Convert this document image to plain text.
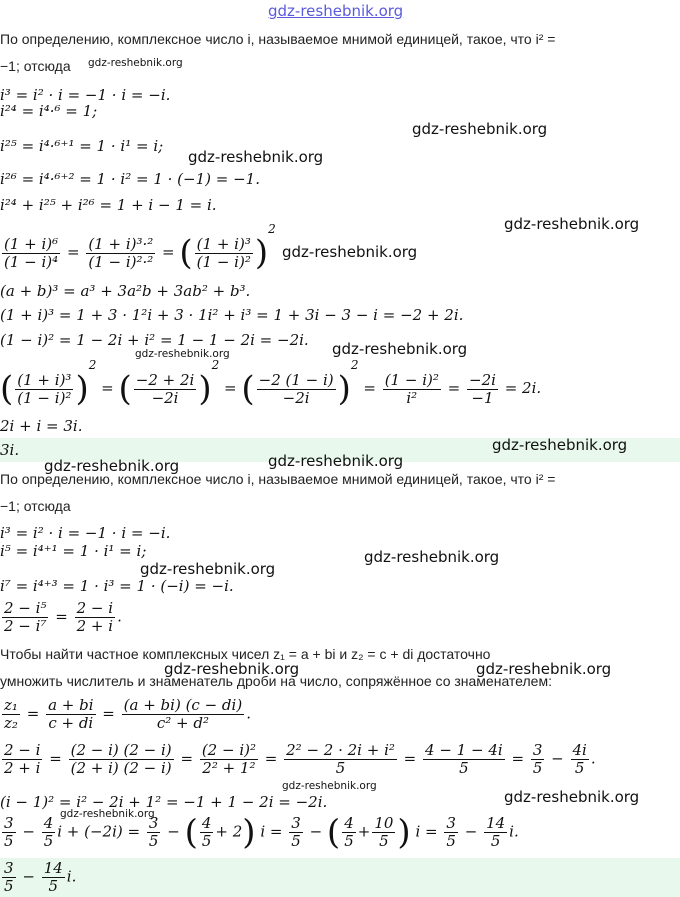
gdz-reshebnik.org
По определению, комплексное число i, называемое мнимой единицей, такое, что i² =
−1; отсюда gdz-reshebnik.org
i³ = i² · i = −1 · i = −i.
i²⁴ = i⁴·⁶ = 1;
gdz-reshebnik.org
i²⁵ = i⁴·⁶⁺¹ = 1 · i¹ = i;
gdz-reshebnik.org
i²⁶ = i⁴·⁶⁺² = 1 · i² = 1 · (−1) = −1.
i²⁴ + i²⁵ + i²⁶ = 1 + i − 1 = i.
gdz-reshebnik.org
$\frac{\text{(1 + i)⁶}}{\text{(1 − i)⁴}} = \frac{\text{(1 + i)³·²}}{\text{(1 − i)²·²}}$ = ( $\frac{\text{(1 + i)³}}{\text{(1 − i)²}} )^2$
gdz-reshebnik.org
(a + b)³ = a³ + 3a²b + 3ab² + b³.
(1 + i)³ = 1 + 3 · 1²i + 3 · 1i² + i³ = 1 + 3i − 3 − i = −2 + 2i.
(1 − i)² = 1 − 2i + i² = 1 − 1 − 2i = −2i. gdz-reshebnik.org
gdz-reshebnik.org
( $\frac{\text{(1 + i)³}}{\text{(1 − i)²}} )^2$ = ( $\frac{-2 + 2i}{-2i} )^2$ = ( $\frac{-2 (1 - i)}{-2i} )^2 = \frac{\text{(1 − i)²}}{\text{i²}} = \frac{-2i}{-1} = 2i$.
2i + i = 3i.
3i.	gdz-reshebnik.org
gdz-reshebnik.org	gdz-reshebnik.org
По определению, комплексное число i, называемое мнимой единицей, такое, что i² =
−1; отсюда
i³ = i² · i = −1 · i = −i.
i⁵ = i⁴⁺¹ = 1 · i¹ = i;	gdz-reshebnik.org
gdz-reshebnik.org
i⁷ = i⁴⁺³ = 1 · i³ = 1 · (−i) = −i.
$\frac{\text{2 − i⁵}}{\text{2 − i⁷}} = \frac{2 - i}{2 + i}$ .
Чтобы найти частное комплексных чисел z₁ = a + bi и z₂ = c + di достаточно
gdz-reshebnik.org	gdz-reshebnik.org
умножить числитель и знаменатель дроби на число, сопряжённое со знаменателем:
$\frac{\text{z₁}}{\text{z₂}} = \frac{a + bi}{c + di} = \frac{(a + bi) (c - di)}{\text{c² + d²}}$ .
$\frac{2 - i}{2 + i} = \frac{(2 - i) (2 - i)}{(2 + i) (2 - i)} = \frac{\text{(2 − i)²}}{\text{2² + 1²}} = \frac{\text{2² − 2 · 2i + i²}}{5} = \frac{4 - 1 - 4i}{5} = \frac{3}{5} - \frac{4i}{5}$ .
gdz-reshebnik.org
gdz-reshebnik.org
(i − 1)² = i² − 2i + 1² = −1 + 1 − 2i = −2i.
gdz-reshebnik.org
$\frac{3}{5} - \frac{4}{5}$ $i + (-2i) = \frac{3}{5}$ − ( $\frac{4}{5} + 2$) $i = \frac{3}{5}$ − ( $\frac{4}{5} + \frac{10}{5}$ ) $i = \frac{3}{5} - \frac{14}{5} i$.
$\frac{3}{5} - \frac{14}{5} i$.
